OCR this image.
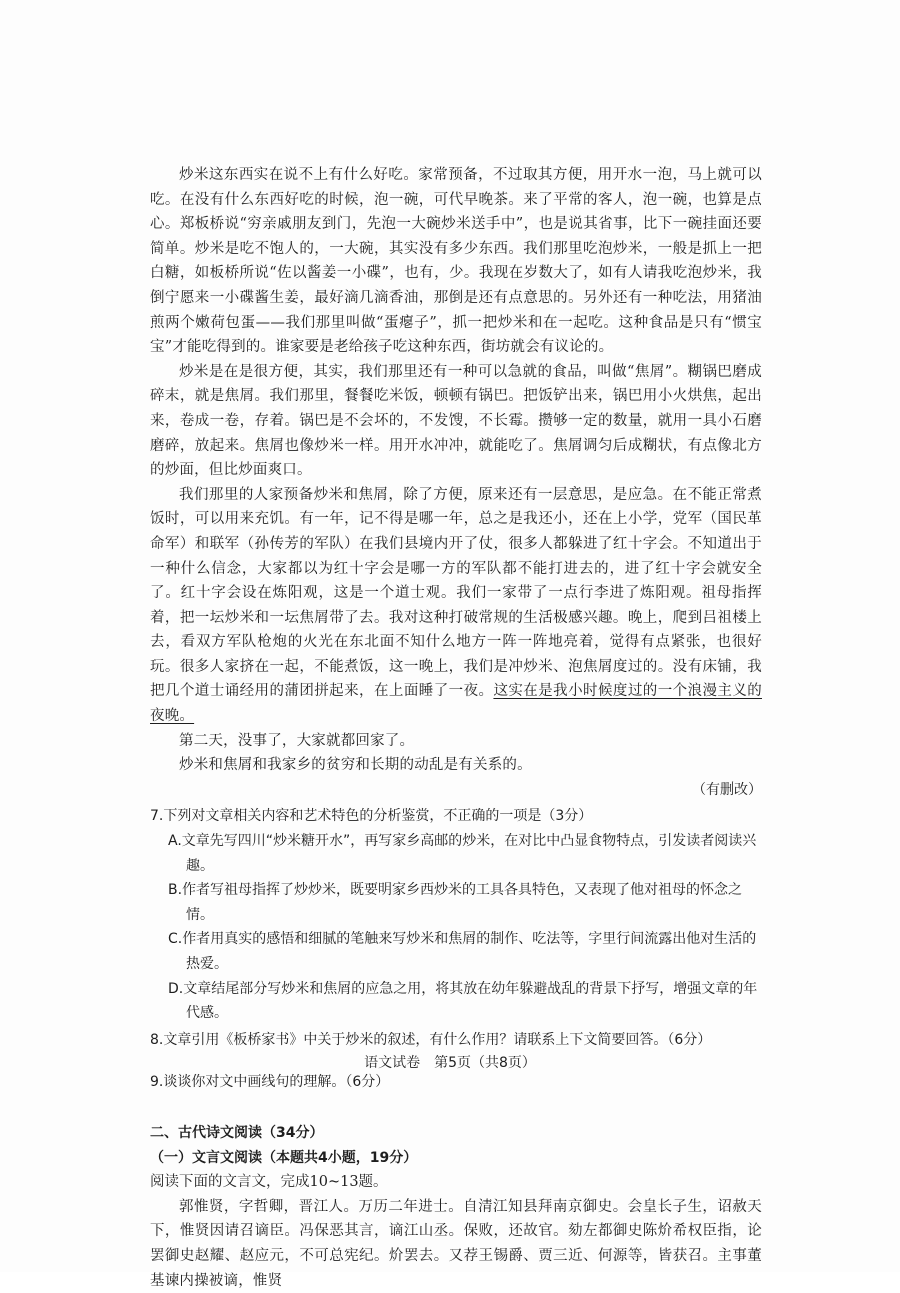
炒米这东西实在说不上有什么好吃。家常预备，不过取其方便，用开水一泡，马上就可以吃。在没有什么东西好吃的时候，泡一碗，可代早晚茶。来了平常的客人，泡一碗，也算是点心。郑板桥说“穷亲戚朋友到门，先泡一大碗炒米送手中”，也是说其省事，比下一碗挂面还要简单。炒米是吃不饱人的，一大碗，其实没有多少东西。我们那里吃泡炒米，一般是抓上一把白糖，如板桥所说“佐以酱姜一小碟”，也有，少。我现在岁数大了，如有人请我吃泡炒米，我倒宁愿来一小碟酱生姜，最好滴几滴香油，那倒是还有点意思的。另外还有一种吃法，用猪油煎两个嫩荷包蛋——我们那里叫做“蛋瘪子”，抓一把炒米和在一起吃。这种食品是只有“惯宝宝”才能吃得到的。谁家要是老给孩子吃这种东西，街坊就会有议论的。

炒米是在是很方便，其实，我们那里还有一种可以急就的食品，叫做“焦屑”。糊锅巴磨成碎末，就是焦屑。我们那里，餐餐吃米饭，顿顿有锅巴。把饭铲出来，锅巴用小火烘焦，起出来，卷成一卷，存着。锅巴是不会坏的，不发馊，不长霉。攒够一定的数量，就用一具小石磨磨碎，放起来。焦屑也像炒米一样。用开水冲冲，就能吃了。焦屑调匀后成糊状，有点像北方的炒面，但比炒面爽口。

我们那里的人家预备炒米和焦屑，除了方便，原来还有一层意思，是应急。在不能正常煮饭时，可以用来充饥。有一年，记不得是哪一年，总之是我还小，还在上小学，党军（国民革命军）和联军（孙传芳的军队）在我们县境内开了仗，很多人都躲进了红十字会。不知道出于一种什么信念，大家都以为红十字会是哪一方的军队都不能打进去的，进了红十字会就安全了。红十字会设在炼阳观，这是一个道士观。我们一家带了一点行李进了炼阳观。祖母指挥着，把一坛炒米和一坛焦屑带了去。我对这种打破常规的生活极感兴趣。晚上，爬到吕祖楼上去，看双方军队枪炮的火光在东北面不知什么地方一阵一阵地亮着，觉得有点紧张，也很好玩。很多人家挤在一起，不能煮饭，这一晚上，我们是冲炒米、泡焦屑度过的。没有床铺，我把几个道士诵经用的蒲团拼起来，在上面睡了一夜。这实在是我小时候度过的一个浪漫主义的夜晚。

第二天，没事了，大家就都回家了。

炒米和焦屑和我家乡的贫穷和长期的动乱是有关系的。

（有删改）

7.下列对文章相关内容和艺术特色的分析鉴赏，不正确的一项是（3分）

A.文章先写四川“炒米糖开水”，再写家乡高邮的炒米，在对比中凸显食物特点，引发读者阅读兴趣。

B.作者写祖母指挥了炒炒米，既要明家乡西炒米的工具各具特色，又表现了他对祖母的怀念之情。

C.作者用真实的感悟和细腻的笔触来写炒米和焦屑的制作、吃法等，字里行间流露出他对生活的热爱。

D.文章结尾部分写炒米和焦屑的应急之用，将其放在幼年躲避战乱的背景下抒写，增强文章的年代感。

8.文章引用《板桥家书》中关于炒米的叙述，有什么作用？请联系上下文简要回答。（6分）

9.谈谈你对文中画线句的理解。（6分）

二、古代诗文阅读（34分）

（一）文言文阅读（本题共4小题，19分）

阅读下面的文言文，完成10~13题。

郭惟贤，字哲卿，晋江人。万历二年进士。自清江知县拜南京御史。会皇长子生，诏赦天下，惟贤因请召谪臣。冯保恶其言，谪江山丞。保败，还故官。劾左都御史陈炌希权臣指，论罢御史赵耀、赵应元，不可总宪纪。炌罢去。又荐王锡爵、贾三近、何源等，皆获召。主事董基谏内操被谪，惟贤

语文试卷　第5页（共8页）
